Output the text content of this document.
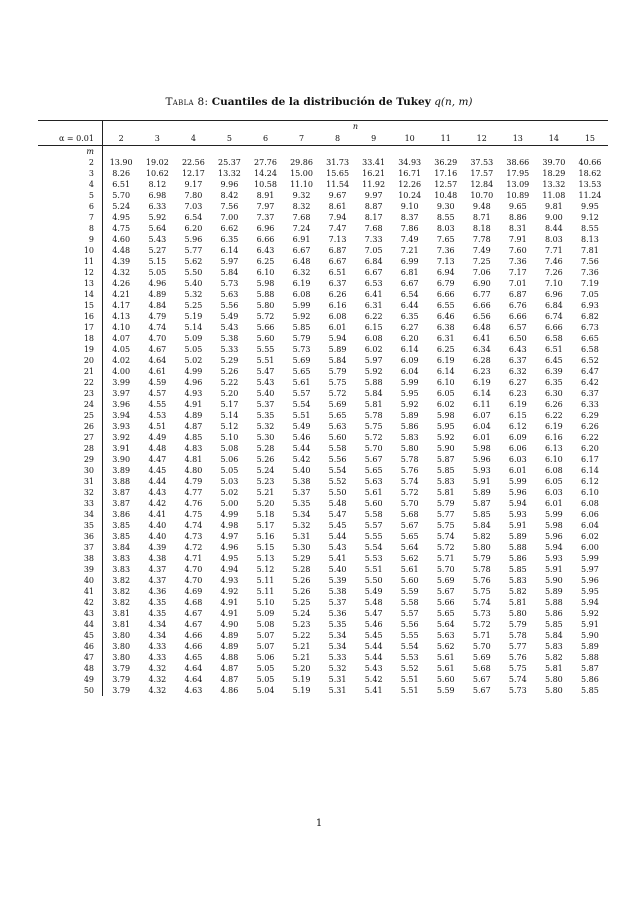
Tabla 8: Cuantiles de la distribución de Tukey q(n, m)
	n													
α = 0.01	2	3	4	5	6	7	8	9	10	11	12	13	14	15
m														
2	13.90	19.02	22.56	25.37	27.76	29.86	31.73	33.41	34.93	36.29	37.53	38.66	39.70	40.66
3	8.26	10.62	12.17	13.32	14.24	15.00	15.65	16.21	16.71	17.16	17.57	17.95	18.29	18.62
4	6.51	8.12	9.17	9.96	10.58	11.10	11.54	11.92	12.26	12.57	12.84	13.09	13.32	13.53
5	5.70	6.98	7.80	8.42	8.91	9.32	9.67	9.97	10.24	10.48	10.70	10.89	11.08	11.24
6	5.24	6.33	7.03	7.56	7.97	8.32	8.61	8.87	9.10	9.30	9.48	9.65	9.81	9.95
7	4.95	5.92	6.54	7.00	7.37	7.68	7.94	8.17	8.37	8.55	8.71	8.86	9.00	9.12
8	4.75	5.64	6.20	6.62	6.96	7.24	7.47	7.68	7.86	8.03	8.18	8.31	8.44	8.55
9	4.60	5.43	5.96	6.35	6.66	6.91	7.13	7.33	7.49	7.65	7.78	7.91	8.03	8.13
10	4.48	5.27	5.77	6.14	6.43	6.67	6.87	7.05	7.21	7.36	7.49	7.60	7.71	7.81
11	4.39	5.15	5.62	5.97	6.25	6.48	6.67	6.84	6.99	7.13	7.25	7.36	7.46	7.56
12	4.32	5.05	5.50	5.84	6.10	6.32	6.51	6.67	6.81	6.94	7.06	7.17	7.26	7.36
13	4.26	4.96	5.40	5.73	5.98	6.19	6.37	6.53	6.67	6.79	6.90	7.01	7.10	7.19
14	4.21	4.89	5.32	5.63	5.88	6.08	6.26	6.41	6.54	6.66	6.77	6.87	6.96	7.05
15	4.17	4.84	5.25	5.56	5.80	5.99	6.16	6.31	6.44	6.55	6.66	6.76	6.84	6.93
16	4.13	4.79	5.19	5.49	5.72	5.92	6.08	6.22	6.35	6.46	6.56	6.66	6.74	6.82
17	4.10	4.74	5.14	5.43	5.66	5.85	6.01	6.15	6.27	6.38	6.48	6.57	6.66	6.73
18	4.07	4.70	5.09	5.38	5.60	5.79	5.94	6.08	6.20	6.31	6.41	6.50	6.58	6.65
19	4.05	4.67	5.05	5.33	5.55	5.73	5.89	6.02	6.14	6.25	6.34	6.43	6.51	6.58
20	4.02	4.64	5.02	5.29	5.51	5.69	5.84	5.97	6.09	6.19	6.28	6.37	6.45	6.52
21	4.00	4.61	4.99	5.26	5.47	5.65	5.79	5.92	6.04	6.14	6.23	6.32	6.39	6.47
22	3.99	4.59	4.96	5.22	5.43	5.61	5.75	5.88	5.99	6.10	6.19	6.27	6.35	6.42
23	3.97	4.57	4.93	5.20	5.40	5.57	5.72	5.84	5.95	6.05	6.14	6.23	6.30	6.37
24	3.96	4.55	4.91	5.17	5.37	5.54	5.69	5.81	5.92	6.02	6.11	6.19	6.26	6.33
25	3.94	4.53	4.89	5.14	5.35	5.51	5.65	5.78	5.89	5.98	6.07	6.15	6.22	6.29
26	3.93	4.51	4.87	5.12	5.32	5.49	5.63	5.75	5.86	5.95	6.04	6.12	6.19	6.26
27	3.92	4.49	4.85	5.10	5.30	5.46	5.60	5.72	5.83	5.92	6.01	6.09	6.16	6.22
28	3.91	4.48	4.83	5.08	5.28	5.44	5.58	5.70	5.80	5.90	5.98	6.06	6.13	6.20
29	3.90	4.47	4.81	5.06	5.26	5.42	5.56	5.67	5.78	5.87	5.96	6.03	6.10	6.17
30	3.89	4.45	4.80	5.05	5.24	5.40	5.54	5.65	5.76	5.85	5.93	6.01	6.08	6.14
31	3.88	4.44	4.79	5.03	5.23	5.38	5.52	5.63	5.74	5.83	5.91	5.99	6.05	6.12
32	3.87	4.43	4.77	5.02	5.21	5.37	5.50	5.61	5.72	5.81	5.89	5.96	6.03	6.10
33	3.87	4.42	4.76	5.00	5.20	5.35	5.48	5.60	5.70	5.79	5.87	5.94	6.01	6.08
34	3.86	4.41	4.75	4.99	5.18	5.34	5.47	5.58	5.68	5.77	5.85	5.93	5.99	6.06
35	3.85	4.40	4.74	4.98	5.17	5.32	5.45	5.57	5.67	5.75	5.84	5.91	5.98	6.04
36	3.85	4.40	4.73	4.97	5.16	5.31	5.44	5.55	5.65	5.74	5.82	5.89	5.96	6.02
37	3.84	4.39	4.72	4.96	5.15	5.30	5.43	5.54	5.64	5.72	5.80	5.88	5.94	6.00
38	3.83	4.38	4.71	4.95	5.13	5.29	5.41	5.53	5.62	5.71	5.79	5.86	5.93	5.99
39	3.83	4.37	4.70	4.94	5.12	5.28	5.40	5.51	5.61	5.70	5.78	5.85	5.91	5.97
40	3.82	4.37	4.70	4.93	5.11	5.26	5.39	5.50	5.60	5.69	5.76	5.83	5.90	5.96
41	3.82	4.36	4.69	4.92	5.11	5.26	5.38	5.49	5.59	5.67	5.75	5.82	5.89	5.95
42	3.82	4.35	4.68	4.91	5.10	5.25	5.37	5.48	5.58	5.66	5.74	5.81	5.88	5.94
43	3.81	4.35	4.67	4.91	5.09	5.24	5.36	5.47	5.57	5.65	5.73	5.80	5.86	5.92
44	3.81	4.34	4.67	4.90	5.08	5.23	5.35	5.46	5.56	5.64	5.72	5.79	5.85	5.91
45	3.80	4.34	4.66	4.89	5.07	5.22	5.34	5.45	5.55	5.63	5.71	5.78	5.84	5.90
46	3.80	4.33	4.66	4.89	5.07	5.21	5.34	5.44	5.54	5.62	5.70	5.77	5.83	5.89
47	3.80	4.33	4.65	4.88	5.06	5.21	5.33	5.44	5.53	5.61	5.69	5.76	5.82	5.88
48	3.79	4.32	4.64	4.87	5.05	5.20	5.32	5.43	5.52	5.61	5.68	5.75	5.81	5.87
49	3.79	4.32	4.64	4.87	5.05	5.19	5.31	5.42	5.51	5.60	5.67	5.74	5.80	5.86
50	3.79	4.32	4.63	4.86	5.04	5.19	5.31	5.41	5.51	5.59	5.67	5.73	5.80	5.85
1
